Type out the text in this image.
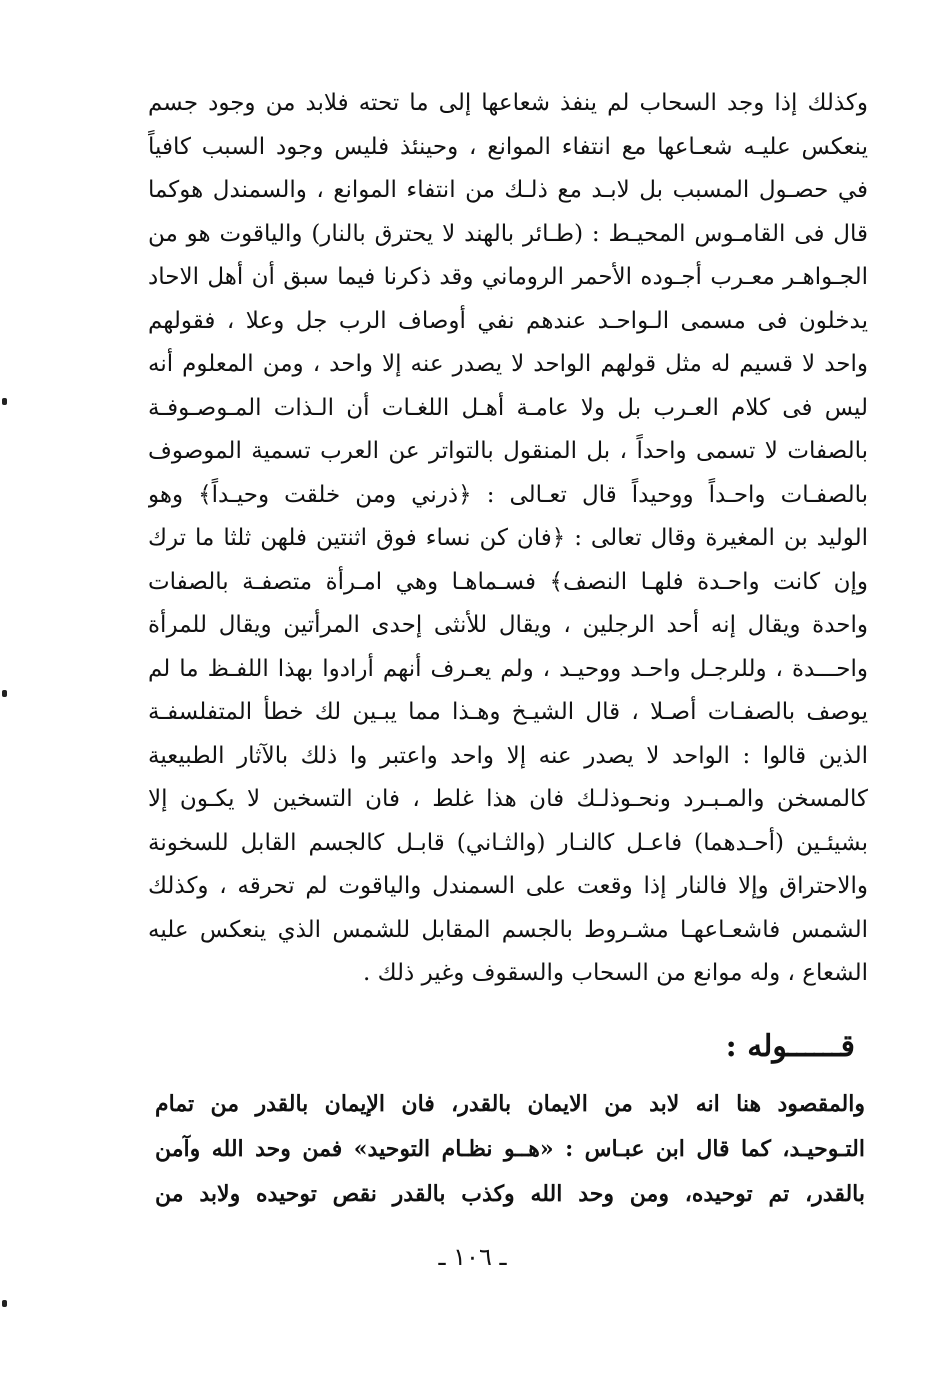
وكذلك إذا وجد السحاب لم ينفذ شعاعها إلى ما تحته فلابد من وجود جسم
ينعكس عليـه شعـاعها مع انتفاء الموانع ، وحينئذ فليس وجود السبب كافياً
في حصـول المسبب بل لابـد مع ذلـك من انتفاء الموانع ، والسمندل هوكما
قال فى القامـوس المحيـط : (طـائر بالهند لا يحترق بالنار) والياقوت هو من
الجـواهـر معـرب أجـوده الأحمر الروماني وقد ذكرنا فيما سبق أن أهل الاحاد
يدخلون فى مسمى الـواحـد عندهم نفي أوصاف الرب جل وعلا ، فقولهم
واحد لا قسيم له مثل قولهم الواحد لا يصدر عنه إلا واحد ، ومن المعلوم أنه
ليس فى كلام العـرب بل ولا عامـة أهـل اللغـات أن الـذات المـوصـوفـة
بالصفات لا تسمى واحداً ، بل المنقول بالتواتر عن العرب تسمية الموصوف
بالصفـات واحـداً ووحيداً قال تعـالى : ﴿ذرني ومن خلقت وحيـداً﴾ وهو
الوليد بن المغيرة وقال تعالى : ﴿فان كن نساء فوق اثنتين فلهن ثلثا ما ترك
وإن كانت واحـدة فلهـا النصف﴾ فسـماهـا وهي امـرأة متصفـة بالصفات
واحدة ويقال إنه أحد الرجلين ، ويقال للأنثى إحدى المرأتين ويقال للمرأة
واحـــدة ، وللرجـل واحـد ووحيـد ، ولم يعـرف أنهم أرادوا بهذا اللفـظ ما لم
يوصف بالصفـات أصـلا ، قال الشيـخ وهـذا مما يبـين لك خطأ المتفلسفـة
الذين قالوا : الواحد لا يصدر عنه إلا واحد واعتبر وا ذلك بالآثار الطبيعية
كالمسخن والمـبـرد ونحـوذلـك فان هذا غلط ، فان التسخين لا يكـون إلا
بشيئـين (أحـدهما) فاعـل كالنـار (والثـاني) قابـل كالجسم القابل للسخونة
والاحتراق وإلا فالنار إذا وقعت على السمندل والياقوت لم تحرقه ، وكذلك
الشمس فاشعـاعهـا مشـروط بالجسم المقابل للشمس الذي ينعكس عليه
الشعاع ، وله موانع من السحاب والسقوف وغير ذلك .
قــــــوله :
والمقصود هنا انه لابد من الايمان بالقدر، فان الإيمان بالقدر من تمام
التـوحيـد، كما قال ابن عبـاس : «هــو نظـام التوحيد» فمن وحد الله وآمن
بالقدر، تم توحيده، ومن وحد الله وكذب بالقدر نقص توحيده ولابد من
ـ ١٠٦ ـ
